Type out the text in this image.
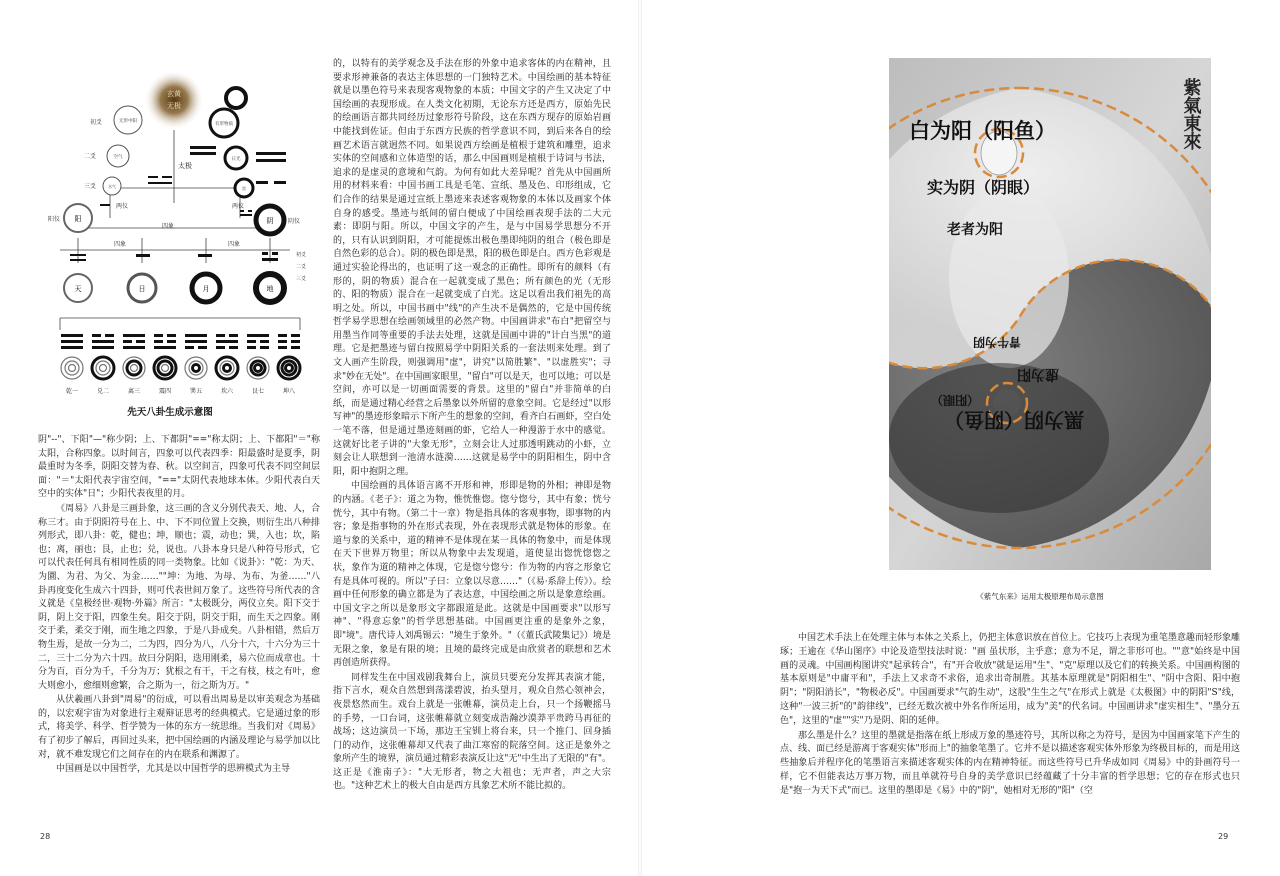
玄黄
无极
初爻
二爻
三爻
无形中阳
空气
水气
有形物质
日光
雷
太极
阳	阴
两仪	两仪
阳仪	阴仪
四象	四象
四象
初爻
二爻
三爻
天	日	月	地
乾一	兑二	离三	震四	巽五	坎六	艮七	坤八
先天八卦生成示意图

阴"--"、下阳"—"称少阴；上、下都阴"=="称太阴；上、下都阳"＝"称太阳，合称四象。以时间言，四象可以代表四季：阳最盛时是夏季，阴最重时为冬季，阴阳交替为春、秋。以空间言，四象可代表不同空间层面："＝"太阳代表宇宙空间，"=="太阴代表地球本体。少阳代表白天空中的实体"日"；少阳代表夜里的月。

《周易》八卦是三画卦象，这三画的含义分别代表天、地、人，合称三才。由于阴阳符号在上、中、下不同位置上交换，则衍生出八种排列形式，即八卦：乾，健也；坤，顺也；震，动也；巽，入也；坎，陷也；离，丽也；艮，止也；兑，说也。八卦本身只是八种符号形式，它可以代表任何具有相同性质的同一类物象。比如《说卦》："乾：为天、为圜、为君、为父、为金……""坤：为地、为母、为布、为釜……"八卦再度变化生成六十四卦，则可代表世间万象了。这些符号所代表的含义就是《皇极经世·观物·外篇》所言："太极既分，两仪立矣。阳下交于阴，阴上交于阳，四象生矣。阳交于阴，阴交于阳，而生天之四象。刚交于柔，柔交于刚，而生地之四象，于是八卦成矣。八卦相错，然后万物生焉，是故一分为二，二为四，四分为八，八分十六，十六分为三十二，三十二分为六十四。故曰分阴阳，迭用刚柔，易六位而成章也。十分为百，百分为千，千分为万；犹根之有干，干之有枝，枝之有叶，愈大则愈小，愈细则愈繁，合之斯为一，衍之斯为万。"

从伏羲画八卦到"周易"的衍成，可以看出周易是以审美观念为基础的，以宏观宇宙为对象进行主观辩证思考的经典模式。它是通过象的形式，将美学、科学、哲学赞为一体的东方一统思维。当我们对《周易》有了初步了解后，再回过头来，把中国绘画的内涵及理论与易学加以比对，就不难发现它们之间存在的内在联系和渊源了。

中国画是以中国哲学，尤其是以中国哲学的思辨模式为主导

的，以特有的美学观念及手法在形的外象中追求客体的内在精神，且要求形神兼备的表达主体思想的一门独特艺术。中国绘画的基本特征就是以墨色符号来表现客观物象的本质；中国文字的产生又决定了中国绘画的表现形成。在人类文化初期，无论东方还是西方，原始先民的绘画语言都共同经历过象形符号阶段，这在东西方现存的原始岩画中能找到佐证。但由于东西方民族的哲学意识不同，到后来各自的绘画艺术语言就迥然不同。如果说西方绘画是植根于建筑和雕塑，追求实体的空间感和立体造型的话，那么中国画则是植根于诗词与书法，追求的是虚灵的意境和气韵。为何有如此大差异呢？首先从中国画所用的材料来看：中国书画工具是毛笔、宣纸、墨及色、印形组成，它们合作的结果是通过宣纸上墨迹来表述客观物象的本体以及画家个体自身的感受。墨迹与纸间的留白便成了中国绘画表现手法的二大元素：即阴与阳。所以，中国文字的产生，是与中国易学思想分不开的，只有认识到阴阳，才可能提炼出极色墨即纯阴的组合（极色即是自然色彩的总合）。阴的极色即是黑，阳的极色即是白。西方色彩观是通过实验论得出的，也证明了这一观念的正确性。即所有的颜料（有形的，阴的物质）混合在一起就变成了黑色；所有颜色的光（无形的、阳的物质）混合在一起就变成了白光。这足以看出我们祖先的高明之处。所以，中国书画中"线"的产生决不是偶然的，它是中国传统哲学易学思想在绘画领域里的必然产物。中国画讲求"布白"把留空与用墨当作同等重要的手法去处理，这就是国画中讲的"计白当黑"的道理。它是把墨迹与留白按照易学中阴阳关系的一套法则来处理。到了文人画产生阶段，则强调用"虚"，讲究"以简胜繁"、"以虚胜实"；寻求"妙在无处"。在中国画家眼里，"留白"可以是天，也可以地；可以是空间，亦可以是一切画面需要的背景。这里的"留白"并非简单的白纸，而是通过精心经营之后墨象以外所留的意象空间。它是经过"以形写神"的墨迹形象暗示下所产生的想象的空间，看齐白石画虾，空白处一笔不落，但是通过墨迹刻画的虾，它给人一种漫游于水中的感觉。这就好比老子讲的"大象无形"，立刻会让人过那透明跳动的小虾，立刻会让人联想到一池清水涟漪……这就是易学中的阴阳相生，阴中含阳，阳中抱阴之理。

中国绘画的具体语言离不开形和神，形即是物的外相；神即是物的内涵。《老子》：道之为物，惟恍惟惚。惚兮惚兮，其中有象；恍兮恍兮，其中有物。（第二十一章）物是指具体的客观事物，即事物的内容；象是指事物的外在形式表现，外在表现形式就是物体的形象。在道与象的关系中，道的精神不是体现在某一具体的物象中，而是体现在天下世界万物里；所以从物象中去发现道，道使显出惚恍惚惚之状，象作为道的精神之体现，它是惚兮惚兮：作为物的内容之形象它有是具体可视的。所以"子曰：立象以尽意……"（《易·系辞上传》）。绘画中任何形象的确立都是为了表达意，中国绘画之所以是象意绘画。中国文字之所以是象形文字都跟道是此。这就是中国画要求"以形写神"、"得意忘象"的哲学思想基础。中国画更注重的是象外之象，即"境"。唐代诗人刘禹锡云："境生于象外。"（《董氏武陵集记》）境是无限之象，象是有限的境；且境的最终完成是由欣赏者的联想和艺术再创造所获得。

同样发生在中国戏剧我舞台上，演员只要充分发挥其表演才能，指下言水，观众自然想到荡漾碧波，抬头望月，观众自然心领神会，夜景悠然而生。戏台上就是一张帷幕，演员走上台，只一个扬鞭摇马的手势，一口台词，这张帷幕就立刻变成浩瀚沙漠莽平贵跨马再征的战场；这边演员一下场，那边王宝钏上将台来，只一个推门、回身插门的动作，这张帷幕却又代表了曲江寒窑的院落空间。这正是象外之象所产生的境界，演员通过精彩表演反让这"无"中生出了无限的"有"。这正是《淮南子》："大无形者，物之大祖也；无声者，声之大宗也。"这种艺术上的极大自由是西方具象艺术所不能比拟的。

28
白为阳（阳鱼）
实为阴（阴眼）
老者为阳
黑为阴（阴鱼）
虚为阳
（阳眼）
青牛为阴
紫氣東來
《紫气东来》运用太极原理布局示意图

中国艺术手法上在处理主体与本体之关系上，仍把主体意识放在首位上。它技巧上表现为重笔墨意趣而轻形象雕琢；王逾在《华山图序》中论及造型技法时说："画 虽状形，主乎意；意为不足，谓之非形可也。""意"始终是中国画的灵魂。中国画构图讲究"起承转合"，有"开合收放"就是运用"生"、"克"原理以及它们的转换关系。中国画构图的基本原则是"中庸平和"，手法上又求奇不求俗，追求出奇制胜。其基本原理就是"阴阳相生"、"阴中含阳、阳中抱阴"；"阴阳消长"，"物极必反"。中国画要求"气韵生动"，这股"生生之气"在形式上就是《太极图》中的阴阳"S"线，这种"一波三折"的"韵律线"，已经无数次被中外名作所运用，成为"美"的代名词。中国画讲求"虚实相生"、"墨分五色"，这里的"虚""实"乃是阴、阳的延伸。

那么墨是什么？这里的墨就是指落在纸上形成万象的墨迹符号，其所以称之为符号，是因为中国画家笔下产生的点、线、面已经是游离于客观实体"形而上"的抽象笔墨了。它并不是以描述客观实体外形象为终极目标的，而是用这些抽象后并程序化的笔墨语言来描述客观实体的内在精神特征。而这些符号已升华成如同《周易》中的卦画符号一样，它不但能表达万事万物，而且单就符号自身的美学意识已经蕴藏了十分丰富的哲学思想；它的存在形式也只是"抱一为天下式"而已。这里的墨即是《易》中的"阴"，她相对无形的"阳"（空

29
